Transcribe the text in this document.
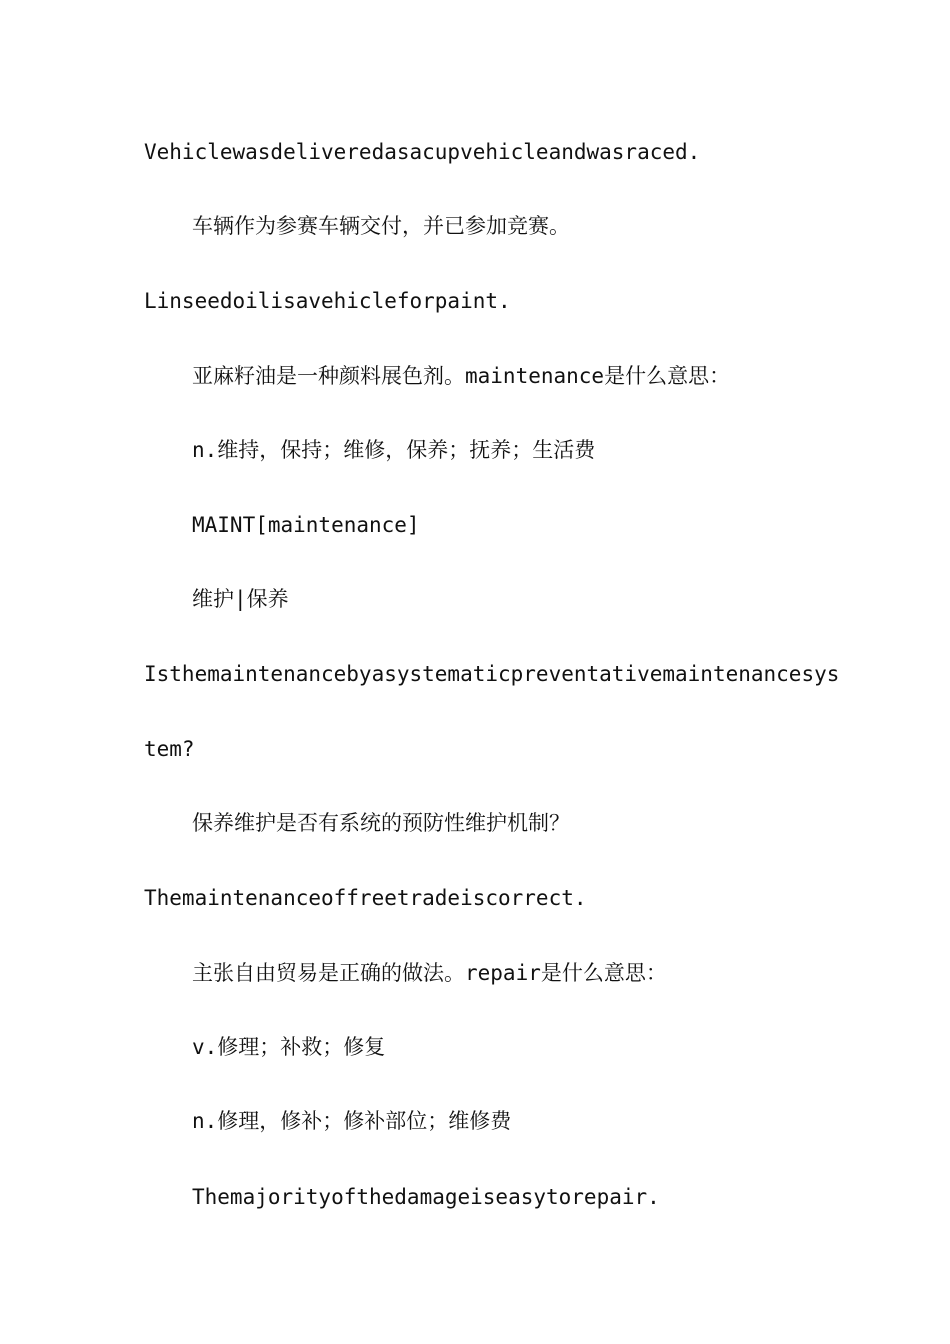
Vehiclewasdeliveredasacupvehicleandwasraced.
车辆作为参赛车辆交付，并已参加竞赛。
Linseedoilisavehicleforpaint.
亚麻籽油是一种颜料展色剂。maintenance是什么意思：
n.维持，保持；维修，保养；抚养；生活费
MAINT[maintenance]
维护|保养
Isthemaintenancebyasystematicpreventativemaintenancesys
tem?
保养维护是否有系统的预防性维护机制？
Themaintenanceoffreetradeiscorrect.
主张自由贸易是正确的做法。repair是什么意思：
v.修理；补救；修复
n.修理，修补；修补部位；维修费
Themajorityofthedamageiseasytorepair.
